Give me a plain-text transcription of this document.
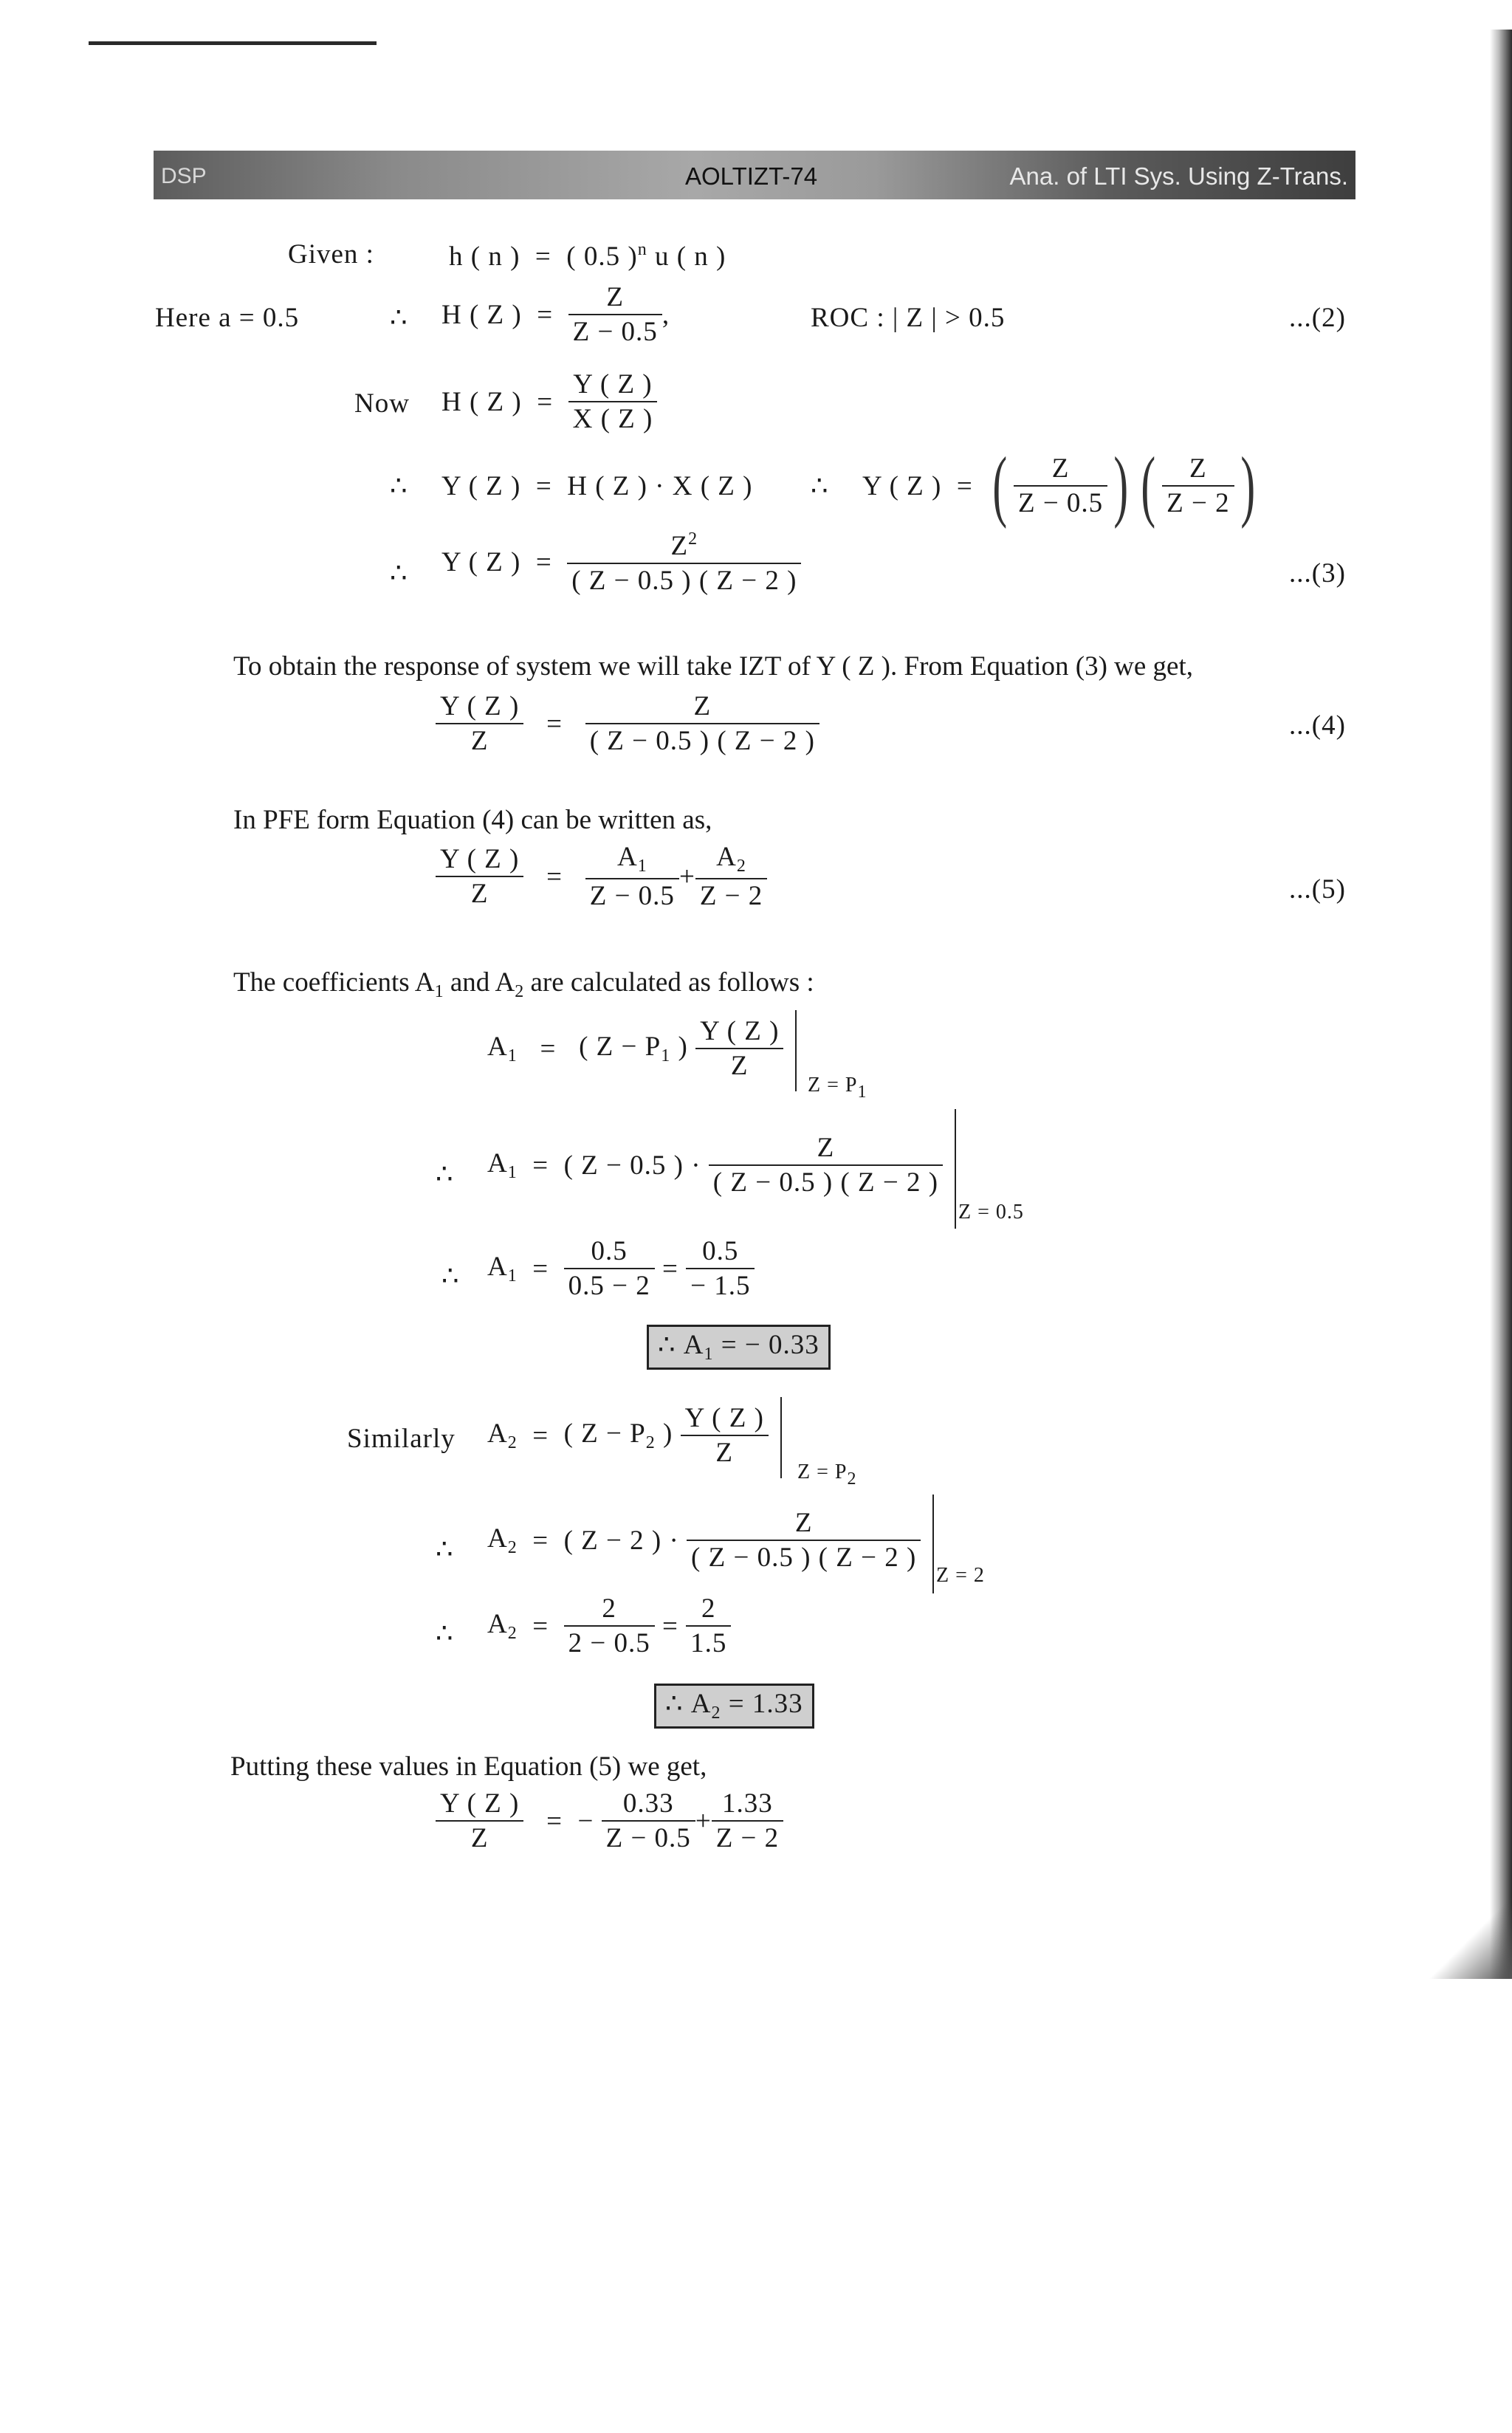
DSP	AOLTIZT-74	Ana. of LTI Sys. Using Z-Trans.
Given :	h ( n ) = ( 0.5 )$^n$ u ( n )
Here a = 0.5	∴ H ( Z ) = $\frac{Z}{Z - 0.5}$ ,	ROC : | Z | > 0.5	...(2)
Now H ( Z ) = $\frac{Y ( Z )}{X ( Z )}$
∴ Y ( Z ) = H ( Z ) · X ( Z ) ∴ Y ( Z ) = ( $\frac{Z}{Z - 0.5}$ ) ( $\frac{Z}{Z - 2}$ )
∴ Y ( Z ) = $\frac{Z^2}{( Z - 0.5 ) ( Z - 2 )}$	...(3)
To obtain the response of system we will take IZT of Y ( Z ). From Equation (3) we get,
$\frac{Y ( Z )}{Z} = \frac{Z}{( Z - 0.5 ) ( Z - 2 )}$	...(4)
In PFE form Equation (4) can be written as,
$\frac{Y ( Z )}{Z} = \frac{A_1}{Z - 0.5} + \frac{A_2}{Z - 2}$	...(5)
The coefficients $A_1$ and $A_2$ are calculated as follows :
$A_1$ = ( $Z - P_1$ ) $\frac{Y ( Z )}{Z}$
$Z = P_1$
∴ $A_1$ = ( Z − 0.5 ) · $\frac{Z}{( Z - 0.5 ) ( Z - 2 )}$
Z = 0.5
∴ $A_1 = \frac{0.5}{0.5 - 2} = \frac{0.5}{- 1.5}$
∴ $A_1$ = − 0.33
Similarly $A_2$ = ( $Z - P_2$ ) $\frac{Y ( Z )}{Z}$
$Z = P_2$
∴ $A_2$ = ( Z − 2 ) · $\frac{Z}{( Z - 0.5 ) ( Z - 2 )}$
Z = 2
∴ $A_2 = \frac{2}{2 - 0.5} = \frac{2}{1.5}$
∴ $A_2 = 1.33$
Putting these values in Equation (5) we get,
$\frac{Y ( Z )}{Z}$ = − $\frac{0.33}{Z - 0.5} + \frac{1.33}{Z - 2}$
